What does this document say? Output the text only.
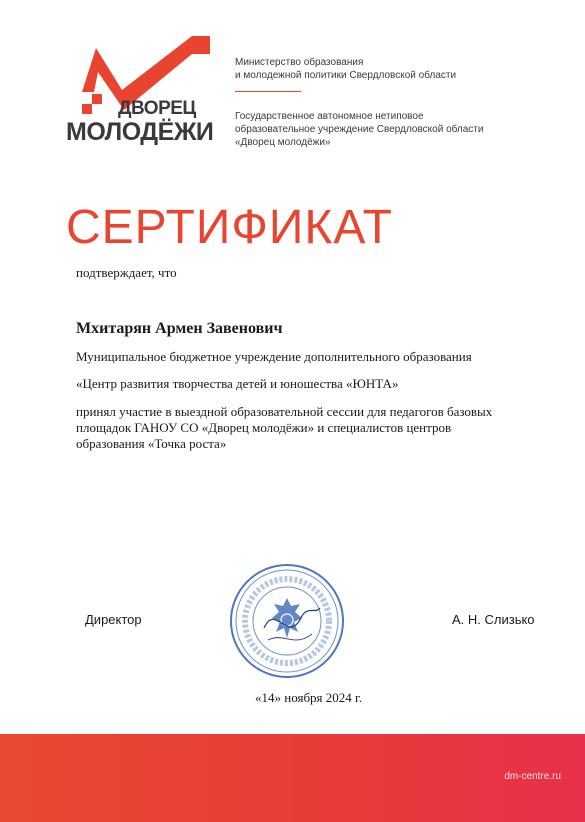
ДВОРЕЦ
МОЛОДЁЖИ
Министерство образования
и молодежной политики Свердловской области
Государственное автономное нетиповое
образовательное учреждение Свердловской области
«Дворец молодёжи»
СЕРТИФИКАТ
подтверждает, что
Мхитарян Армен Завенович
Муниципальное бюджетное учреждение дополнительного образования
«Центр развития творчества детей и юношества «ЮНТА»
принял участие в выездной образовательной сессии для педагогов базовых
площадок ГАНОУ СО «Дворец молодёжи» и специалистов центров
образования «Точка роста»
Директор	А. Н. Слизько
«14» ноября 2024 г.
dm-centre.ru
